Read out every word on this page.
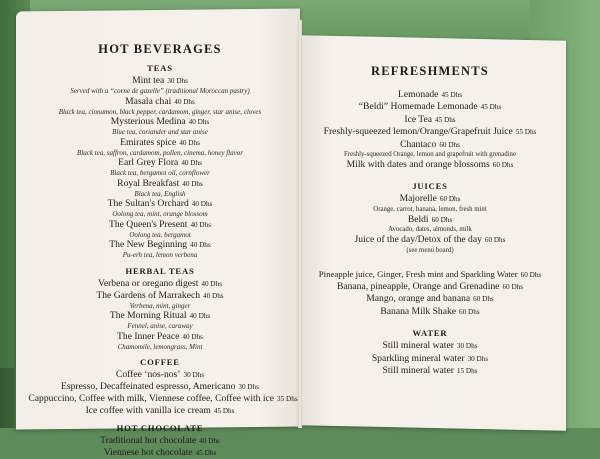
HOT BEVERAGES
TEAS
Mint tea 30 Dhs
Served with a “corne de gazelle” (traditional Moroccan pastry)
Masala chai 40 Dhs
Black tea, cinnamon, black pepper, cardamom, ginger, star anise, cloves
Mysterious Medina 40 Dhs
Blue tea, coriander and star anise
Emirates spice 40 Dhs
Black tea, saffron, cardamom, pollen, cinema, honey flavor
Earl Grey Flora 40 Dhs
Black tea, bergamot oil, cornflower
Royal Breakfast 40 Dhs
Black tea, English
The Sultan's Orchard 40 Dhs
Oolong tea, mint, orange blossom
The Queen's Present 40 Dhs
Oolong tea, bergamot
The New Beginning 40 Dhs
Pu-erh tea, lemon verbena
HERBAL TEAS
Verbena or oregano digest 40 Dhs
The Gardens of Marrakech 40 Dhs
Verbena, mint, ginger
The Morning Ritual 40 Dhs
Fennel, anise, caraway
The Inner Peace 40 Dhs
Chamomile, lemongrass, Mint
COFFEE
Coffee ‘nos-nos’ 30 Dhs
Espresso, Decaffeinated espresso, Americano 30 Dhs
Cappuccino, Coffee with milk, Viennese coffee, Coffee with ice 35 Dhs
Ice coffee with vanilla ice cream 45 Dhs
HOT CHOCOLATE
Traditional hot chocolate 40 Dhs
Viennese hot chocolate 45 Dhs
REFRESHMENTS
Lemonade 45 Dhs
“Beldi” Homemade Lemonade 45 Dhs
Ice Tea 45 Dhs
Freshly-squeezed lemon/Orange/Grapefruit Juice 55 Dhs
Chantaco 60 Dhs
Freshly-squeezed Orange, lemon and grapefruit with grenadine
Milk with dates and orange blossoms 60 Dhs
JUICES
Majorelle 60 Dhs
Orange, carrot, banana, lemon, fresh mint
Beldi 60 Dhs
Avocado, dates, almonds, milk
Juice of the day/Detox of the day 60 Dhs
(see menu board)
Pineapple juice, Ginger, Fresh mint and Sparkling Water 60 Dhs
Banana, pineapple, Orange and Grenadine 60 Dhs
Mango, orange and banana 60 Dhs
Banana Milk Shake 60 Dhs
WATER
Still mineral water 30 Dhs
Sparkling mineral water 30 Dhs
Still mineral water 15 Dhs
